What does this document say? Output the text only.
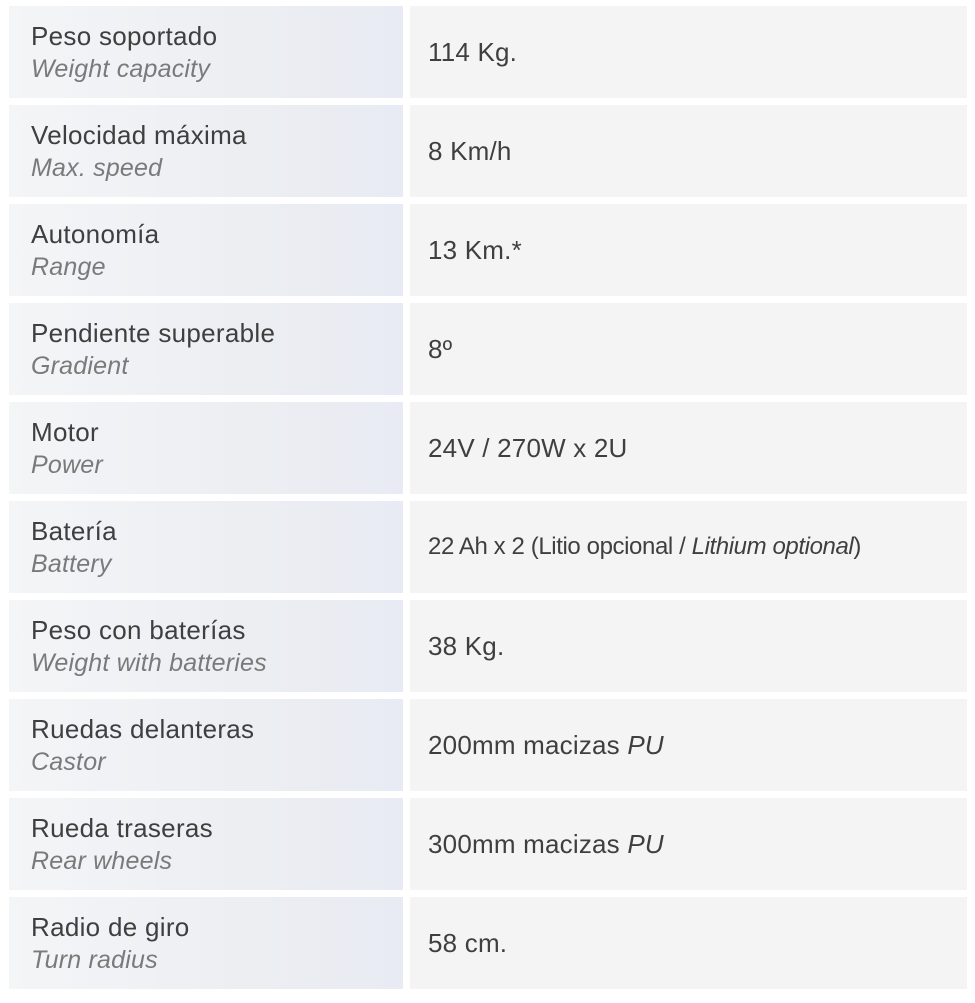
Peso soportado
Weight capacity
114 Kg.
Velocidad máxima
Max. speed
8 Km/h
Autonomía
Range
13 Km.*
Pendiente superable
Gradient
8º
Motor
Power
24V / 270W x 2U
Batería
Battery
22 Ah x 2 (Litio opcional / Lithium optional)
Peso con baterías
Weight with batteries
38 Kg.
Ruedas delanteras
Castor
200mm macizas PU
Rueda traseras
Rear wheels
300mm macizas PU
Radio de giro
Turn radius
58 cm.
